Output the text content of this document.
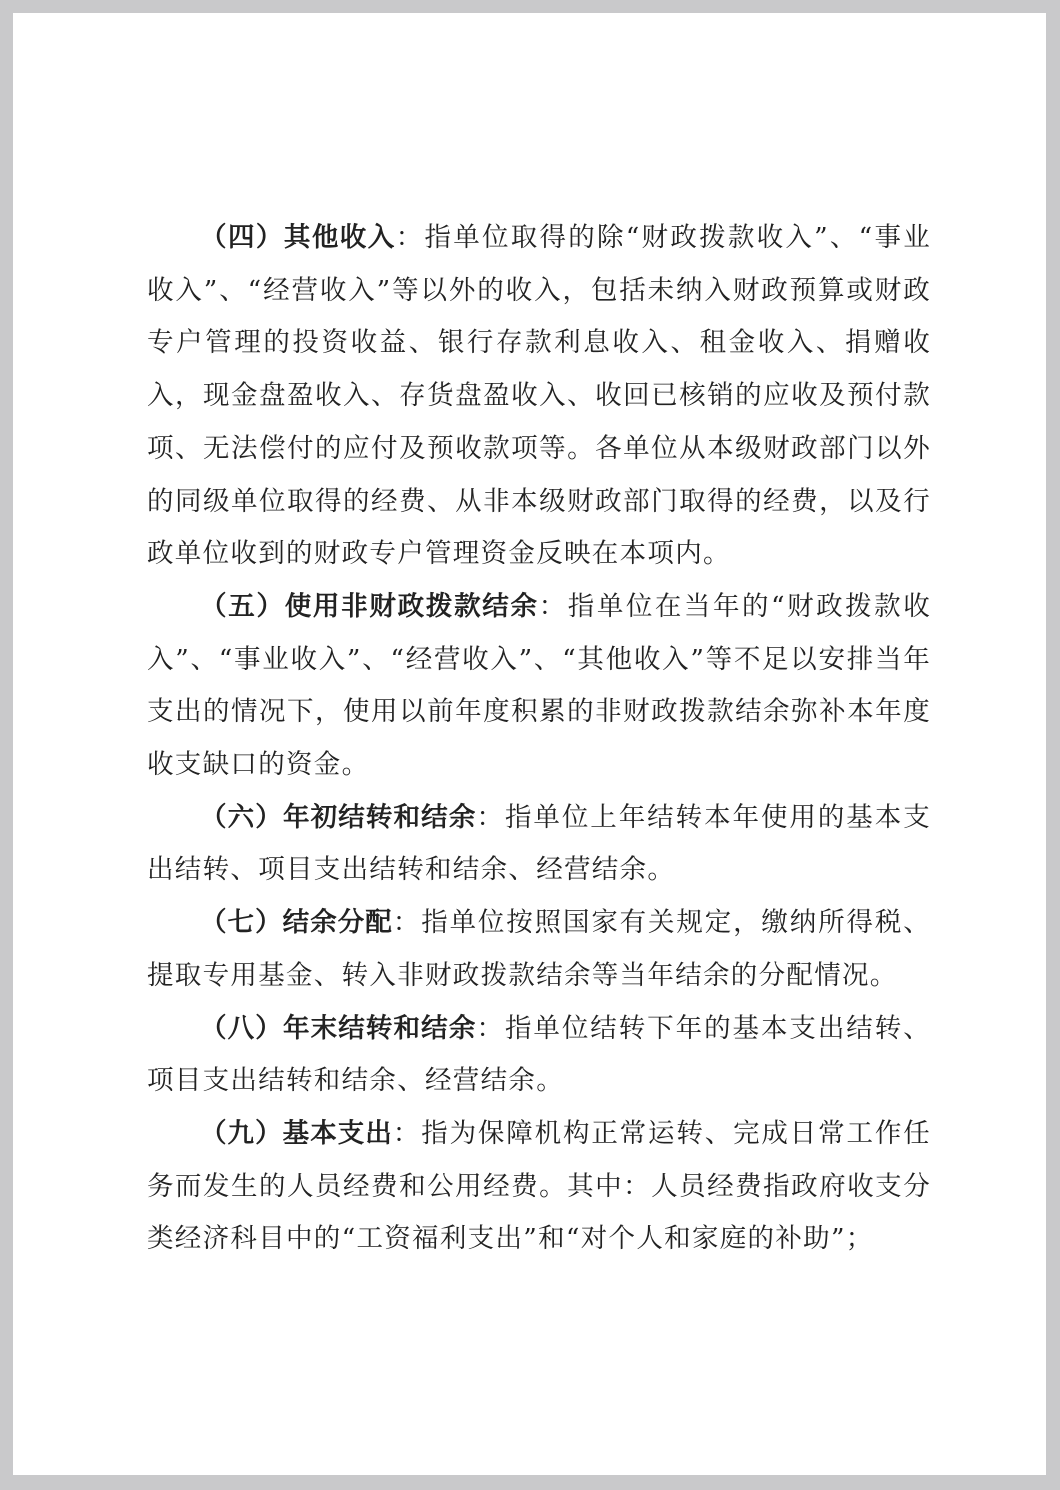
（四）其他收入：指单位取得的除“财政拨款收入”、“事业收入”、“经营收入”等以外的收入，包括未纳入财政预算或财政专户管理的投资收益、银行存款利息收入、租金收入、捐赠收入，现金盘盈收入、存货盘盈收入、收回已核销的应收及预付款项、无法偿付的应付及预收款项等。各单位从本级财政部门以外的同级单位取得的经费、从非本级财政部门取得的经费，以及行政单位收到的财政专户管理资金反映在本项内。

（五）使用非财政拨款结余：指单位在当年的“财政拨款收入”、“事业收入”、“经营收入”、“其他收入”等不足以安排当年支出的情况下，使用以前年度积累的非财政拨款结余弥补本年度收支缺口的资金。

（六）年初结转和结余：指单位上年结转本年使用的基本支出结转、项目支出结转和结余、经营结余。

（七）结余分配：指单位按照国家有关规定，缴纳所得税、提取专用基金、转入非财政拨款结余等当年结余的分配情况。

（八）年末结转和结余：指单位结转下年的基本支出结转、项目支出结转和结余、经营结余。

（九）基本支出：指为保障机构正常运转、完成日常工作任务而发生的人员经费和公用经费。其中：人员经费指政府收支分类经济科目中的“工资福利支出”和“对个人和家庭的补助”；
